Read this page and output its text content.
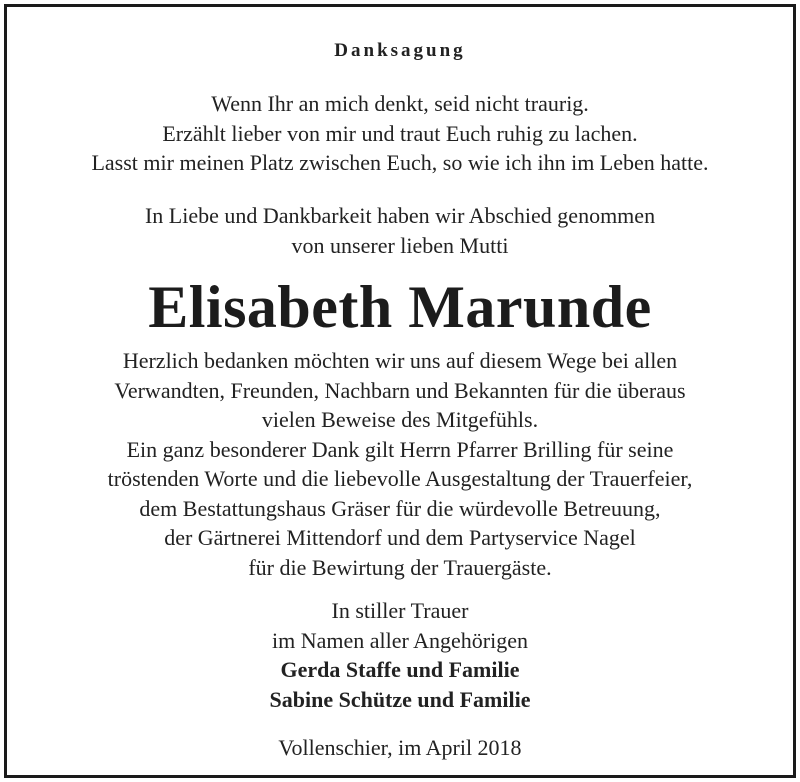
Danksagung
Wenn Ihr an mich denkt, seid nicht traurig.
Erzählt lieber von mir und traut Euch ruhig zu lachen.
Lasst mir meinen Platz zwischen Euch, so wie ich ihn im Leben hatte.
In Liebe und Dankbarkeit haben wir Abschied genommen
von unserer lieben Mutti
Elisabeth Marunde
Herzlich bedanken möchten wir uns auf diesem Wege bei allen
Verwandten, Freunden, Nachbarn und Bekannten für die überaus
vielen Beweise des Mitgefühls.
Ein ganz besonderer Dank gilt Herrn Pfarrer Brilling für seine
tröstenden Worte und die liebevolle Ausgestaltung der Trauerfeier,
dem Bestattungshaus Gräser für die würdevolle Betreuung,
der Gärtnerei Mittendorf und dem Partyservice Nagel
für die Bewirtung der Trauergäste.
In stiller Trauer
im Namen aller Angehörigen
Gerda Staffe und Familie
Sabine Schütze und Familie
Vollenschier, im April 2018
